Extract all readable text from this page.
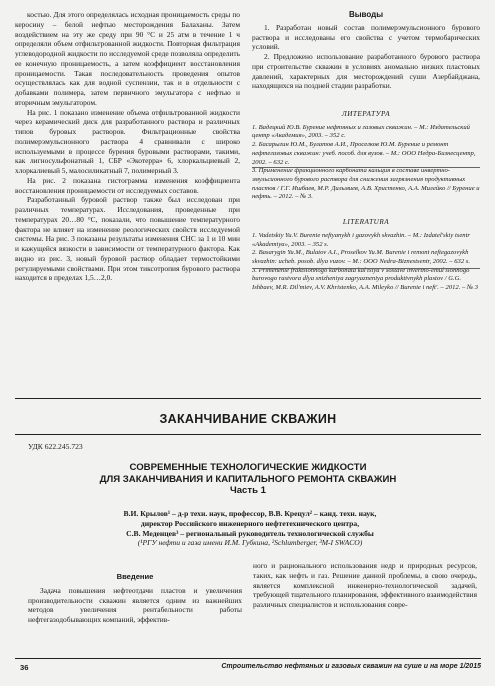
костью. Для этого определялась исходная проницаемость среды по керосину – белой нефтью месторождения Балаханы. Затем воздействием на эту же среду при 90 °С и 25 атм в течение 1 ч определяли объем отфильтрованной жидкости. Повторная фильтрация углеводородной жидкости по исследуемой среде позволяла определить ее конечную проницаемость, а затем коэффициент восстановления проницаемости. Такая последовательность проведения опытов осуществлялась как для водной суспензии, так и в отдельности с добавками полимера, затем первичного эмульгатора с нефтью и вторичным эмульгатором.

На рис. 1 показано изменение объема отфильтрованной жидкости через керамический диск для разработанного раствора и различных типов буровых растворов. Фильтрационные свойства полимерэмульсионного раствора 4 сравнивали с широко используемыми в процессе бурения буровыми растворами, такими, как лигносульфонатный 1, СБР «Экотерра» 6, хлоркальциевый 2, хлоркалиевый 5, малосиликатный 7, полимерный 3.

На рис. 2 показана гистограмма изменения коэффициента восстановления проницаемости от исследуемых составов.

Разработанный буровой раствор также был исследован при различных температурах. Исследования, проведенные при температурах 20…80 °С, показали, что повышение температурного фактора не влияет на изменение реологических свойств исследуемой системы. На рис. 3 показаны результаты изменения СНС за 1 и 10 мин и кажущейся вязкости в зависимости от температурного фактора. Как видно из рис. 3, новый буровой раствор обладает термостойкими регулируемыми свойствами. При этом тиксотропия бурового раствора находится в пределах 1,5…2,0.

Выводы

1. Разработан новый состав полимерэмульсионного бурового раствора и исследованы его свойства с учетом термобарических условий.

2. Предложено использование разработанного бурового раствора при строительстве скважин в условиях аномально низких пластовых давлений, характерных для месторождений суши Азербайджана, находящихся на поздней стадии разработки.

ЛИТЕРАТУРА
1. Вадецкий Ю.В. Бурение нефтяных и газовых скважин. – М.: Издательский центр «Академия», 2003. – 352 с.
2. Басарыгин Ю.М., Булатов А.И., Проселков Ю.М. Бурение и ремонт нефтегазовых скважин: учеб. пособ. для вузов. – М.: ООО Недра-Бизнесцентр, 2002. – 632 с.
3. Применение фракционного карбоната кальция в составе инвертно-эмульсионного бурового раствора для снижения загрязнения продуктивных пластов / Г.Г. Ишбаев, М.Р. Дильмиев, А.В. Христенко, А.А. Милейко // Бурение и нефть. – 2012. – № 3.
LITERATURA
1. Vadetskiy Yu.V. Burenie neftyanykh i gazovykh skvazhin. – M.: Izdatel'skiy tsentr «Akademiya», 2003. – 352 s.
2. Basarygin Yu.M., Bulatov A.I., Proselkov Yu.M. Burenie i remont neftegazovykh skvazhin: ucheb. posob. dlya vuzov. – M.: OOO Nedra-Biznestsentr, 2002. – 632 s.
3. Primenenie fraktsionnogo karbonata kal'tsiya v sostave invertno-emul'sionnogo burovogo rastvora dlya snizheniya zagryazneniya produktivnykh plastov / G.G. Ishbaev, M.R. Dil'miev, A.V. Khristenko, A.A. Mileyko // Burenie i neft'. – 2012. – № 3
ЗАКАНЧИВАНИЕ СКВАЖИН
УДК 622.245.723
СОВРЕМЕННЫЕ ТЕХНОЛОГИЧЕСКИЕ ЖИДКОСТИ
ДЛЯ ЗАКАНЧИВАНИЯ И КАПИТАЛЬНОГО РЕМОНТА СКВАЖИН
Часть 1
В.И. Крылов¹ – д-р техн. наук, профессор, В.В. Крецул² – канд. техн. наук,
директор Российского инженерного нефтетехнического центра,
С.В. Меденцев³ – региональный руководитель технологической службы
(¹РГУ нефти и газа имени И.М. Губкина, ²Schlumberger, ³M-I SWACO)
Введение

Задача повышения нефтеотдачи пластов и увеличения производительности скважин является одним из важнейших методов увеличения рентабельности работы нефтегазодобывающих компаний, эффектив-

ного и рационального использования недр и природных ресурсов, таких, как нефть и газ. Решение данной проблемы, в свою очередь, является комплексной инженерно-технологической задачей, требующей тщательного планирования, эффективного взаимодействия различных специалистов и использования совре-

36	Строительство нефтяных и газовых скважин на суше и на море 1/2015
